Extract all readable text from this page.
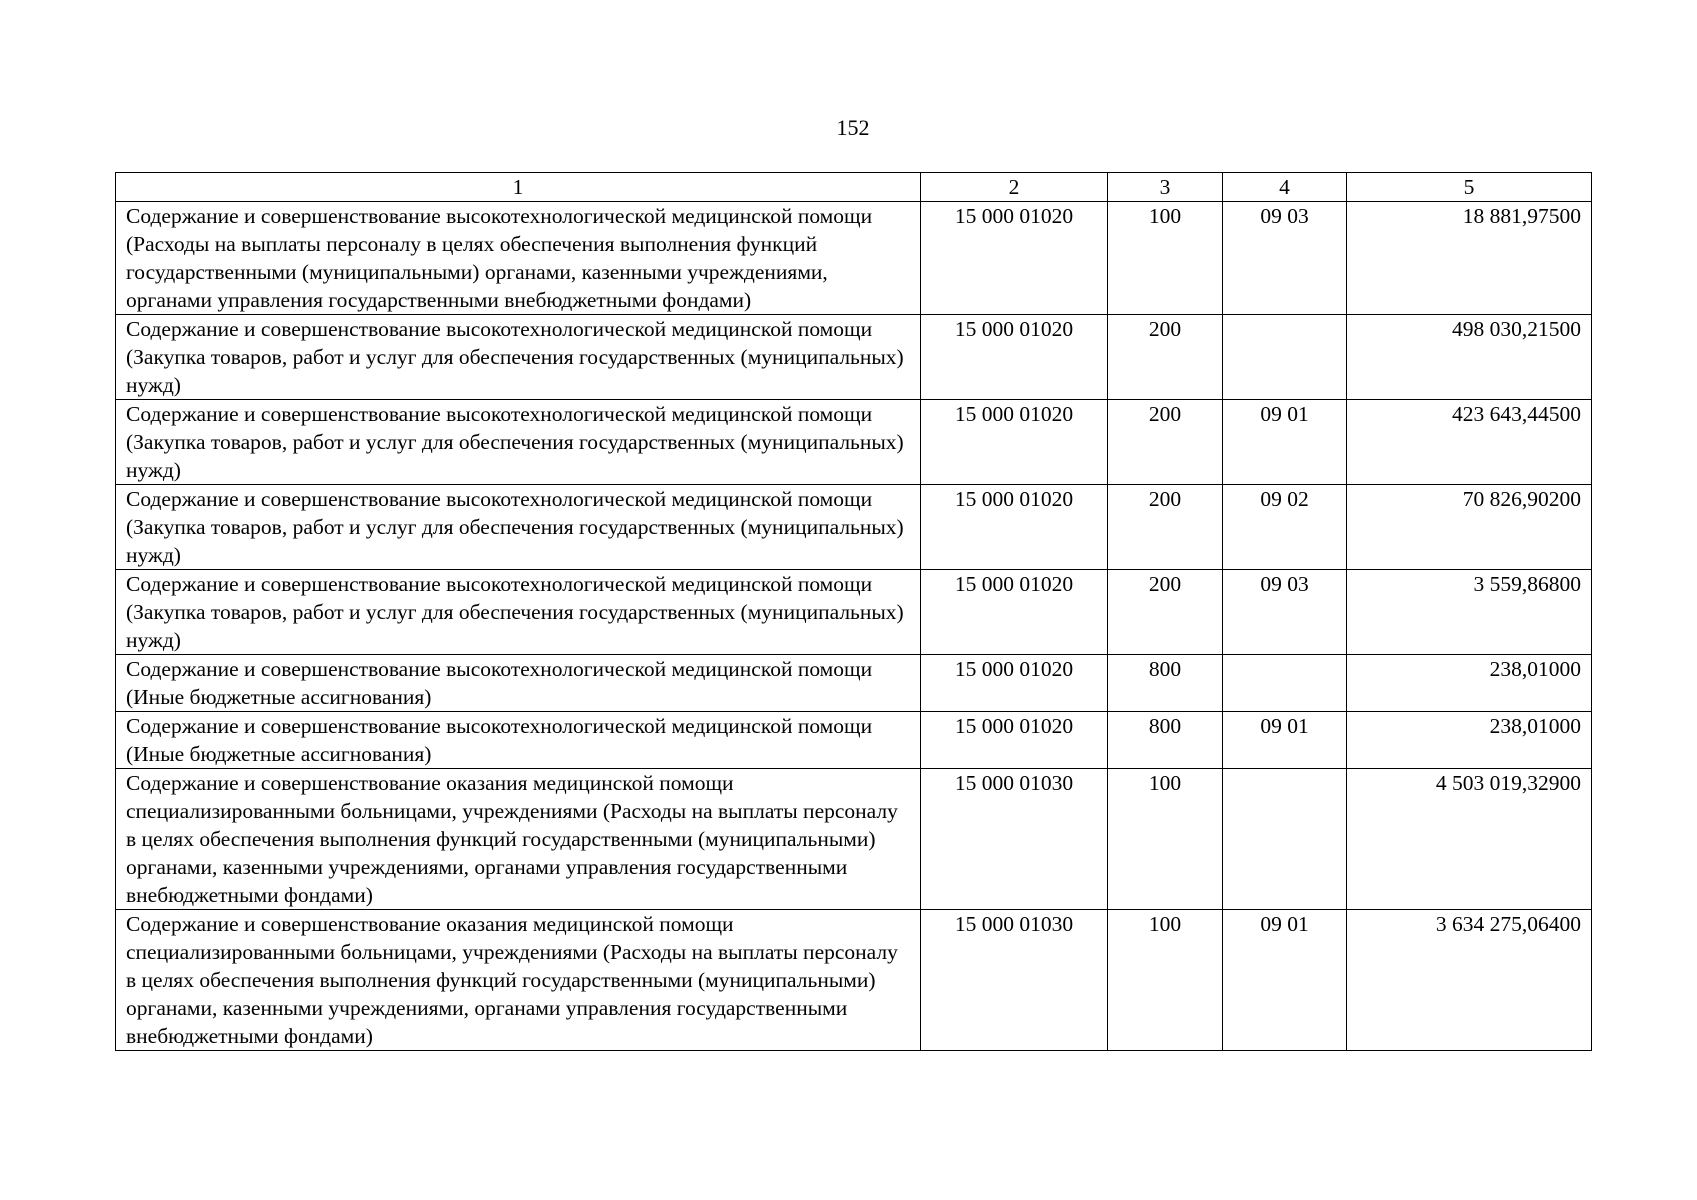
152
1	2	3	4	5
Содержание и совершенствование высокотехнологической медицинской помощи (Расходы на выплаты персоналу в целях обеспечения выполнения функций государственными (муниципальными) органами, казенными учреждениями, органами управления государственными внебюджетными фондами)	15 000 01020	100	09 03	18 881,97500
Содержание и совершенствование высокотехнологической медицинской помощи (Закупка товаров, работ и услуг для обеспечения государственных (муниципальных) нужд)	15 000 01020	200		498 030,21500
Содержание и совершенствование высокотехнологической медицинской помощи (Закупка товаров, работ и услуг для обеспечения государственных (муниципальных) нужд)	15 000 01020	200	09 01	423 643,44500
Содержание и совершенствование высокотехнологической медицинской помощи (Закупка товаров, работ и услуг для обеспечения государственных (муниципальных) нужд)	15 000 01020	200	09 02	70 826,90200
Содержание и совершенствование высокотехнологической медицинской помощи (Закупка товаров, работ и услуг для обеспечения государственных (муниципальных) нужд)	15 000 01020	200	09 03	3 559,86800
Содержание и совершенствование высокотехнологической медицинской помощи (Иные бюджетные ассигнования)	15 000 01020	800		238,01000
Содержание и совершенствование высокотехнологической медицинской помощи (Иные бюджетные ассигнования)	15 000 01020	800	09 01	238,01000
Содержание и совершенствование оказания медицинской помощи специализированными больницами, учреждениями (Расходы на выплаты персоналу в целях обеспечения выполнения функций государственными (муниципальными) органами, казенными учреждениями, органами управления государственными внебюджетными фондами)	15 000 01030	100		4 503 019,32900
Содержание и совершенствование оказания медицинской помощи специализированными больницами, учреждениями (Расходы на выплаты персоналу в целях обеспечения выполнения функций государственными (муниципальными) органами, казенными учреждениями, органами управления государственными внебюджетными фондами)	15 000 01030	100	09 01	3 634 275,06400
